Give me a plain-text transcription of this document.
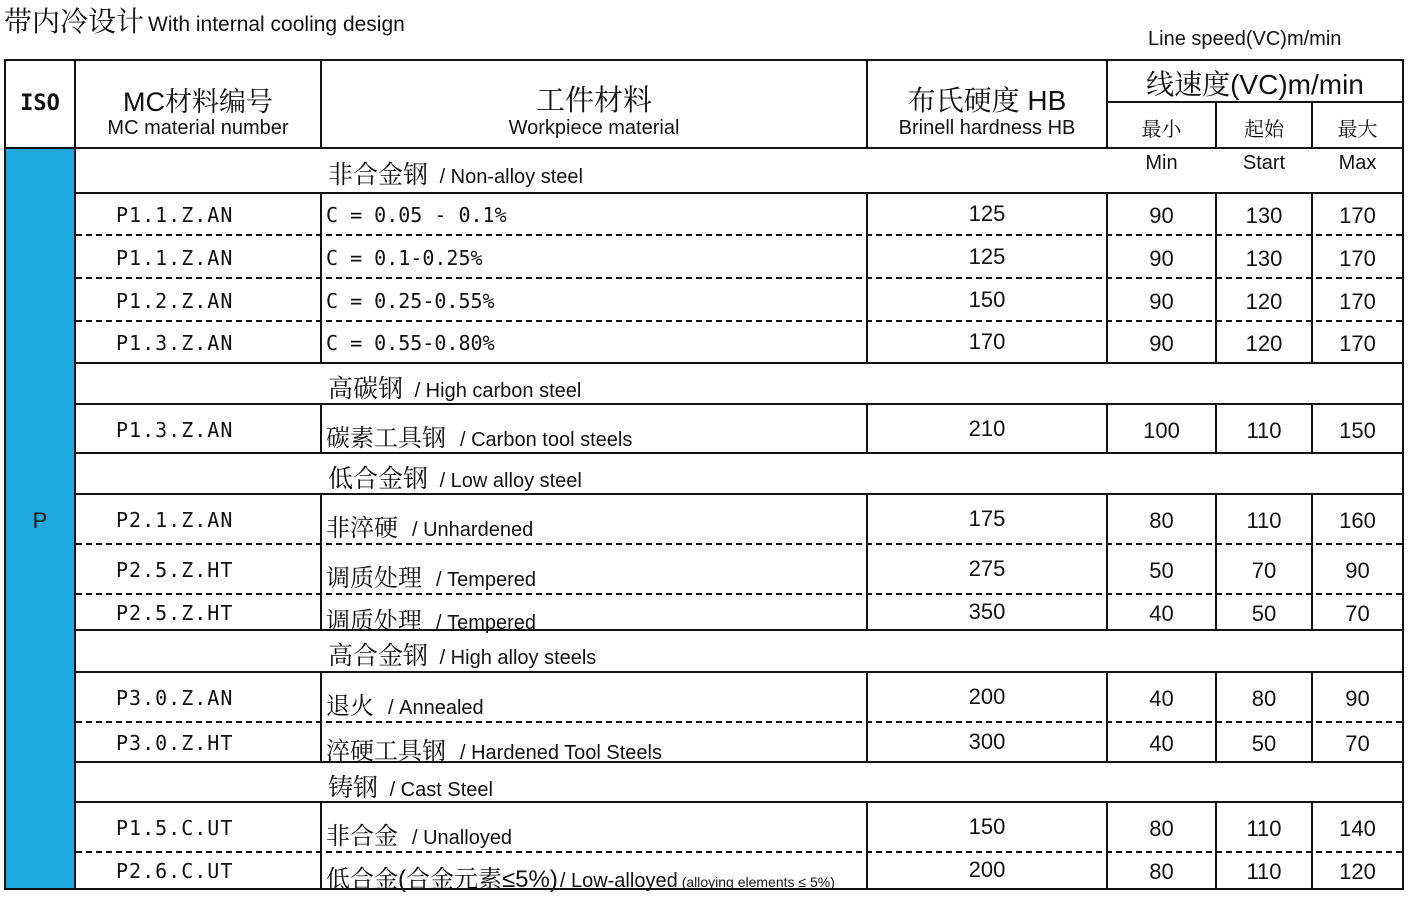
带内冷设计 With internal cooling design
Line speed(VC)m/min
ISO	MC材料编号
MC material number
工件材料
Workpiece material
布氏硬度 HB
Brinell hardness HB
线速度(VC)m/min
最小	起始	最大
P
Min	Start	Max
非合金钢 / Non-alloy steel
P1.1.Z.AN	C = 0.05 - 0.1%	125	90	130	170
P1.1.Z.AN	C = 0.1-0.25%	125	90	130	170
P1.2.Z.AN	C = 0.25-0.55%	150	90	120	170
P1.3.Z.AN	C = 0.55-0.80%	170	90	120	170
高碳钢 / High carbon steel
P1.3.Z.AN	碳素工具钢 / Carbon tool steels	210	100	110	150
低合金钢 / Low alloy steel
P2.1.Z.AN	非淬硬 / Unhardened	175	80	110	160
P2.5.Z.HT	调质处理 / Tempered	275	50	70	90
P2.5.Z.HT	调质处理 / Tempered	350	40	50	70
高合金钢 / High alloy steels
P3.0.Z.AN	退火 / Annealed	200	40	80	90
P3.0.Z.HT	淬硬工具钢 / Hardened Tool Steels	300	40	50	70
铸钢 / Cast Steel
P1.5.C.UT	非合金 / Unalloyed	150	80	110	140
P2.6.C.UT	低合金(合金元素≤5%) / Low-alloyed (alloying elements ≤ 5%)	200	80	110	120
